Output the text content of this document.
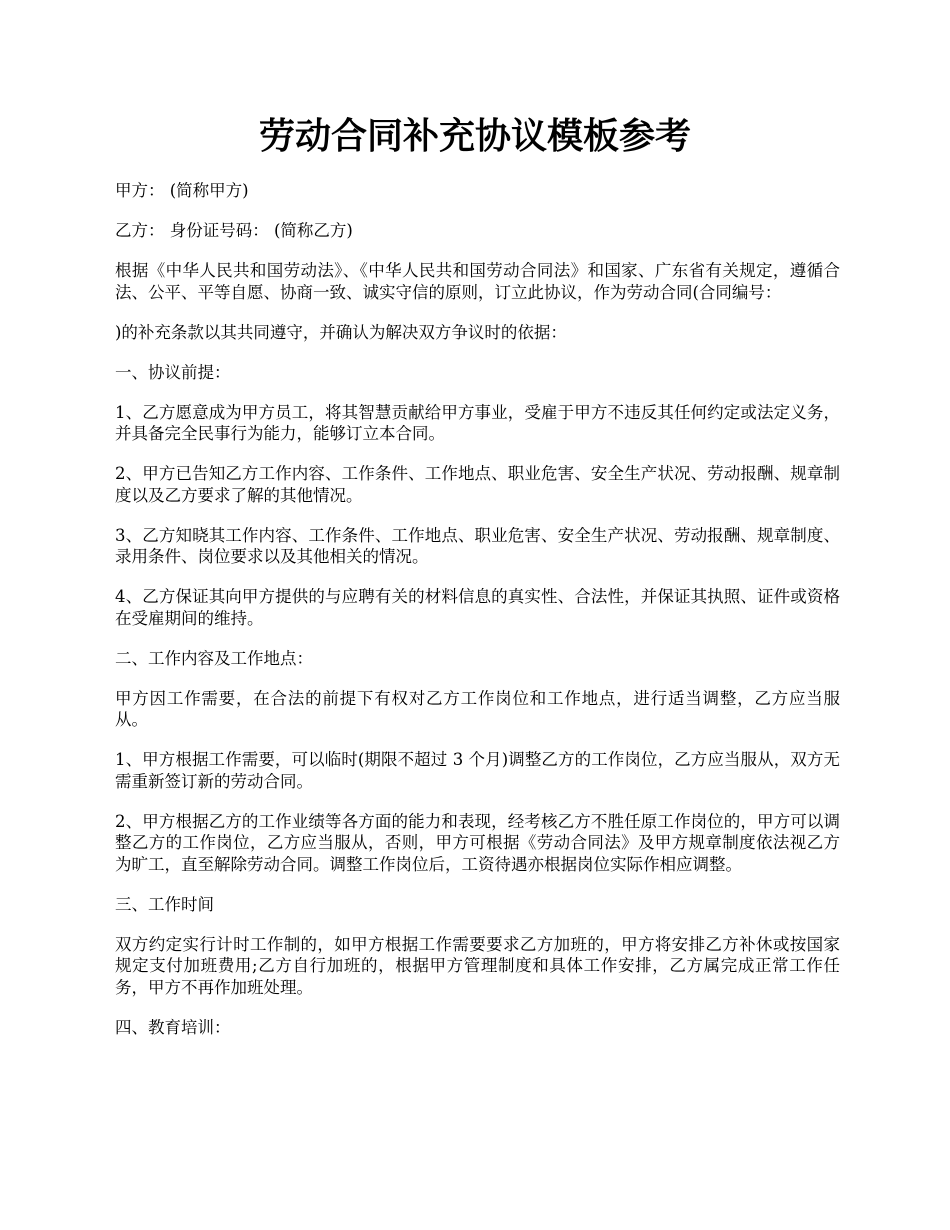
劳动合同补充协议模板参考

甲方： (简称甲方)

乙方： 身份证号码： (简称乙方)

根据《中华人民共和国劳动法》、《中华人民共和国劳动合同法》和国家、广东省有关规定，遵循合法、公平、平等自愿、协商一致、诚实守信的原则，订立此协议，作为劳动合同(合同编号：

)的补充条款以其共同遵守，并确认为解决双方争议时的依据：

一、协议前提：

1、乙方愿意成为甲方员工，将其智慧贡献给甲方事业，受雇于甲方不违反其任何约定或法定义务，并具备完全民事行为能力，能够订立本合同。

2、甲方已告知乙方工作内容、工作条件、工作地点、职业危害、安全生产状况、劳动报酬、规章制度以及乙方要求了解的其他情况。

3、乙方知晓其工作内容、工作条件、工作地点、职业危害、安全生产状况、劳动报酬、规章制度、录用条件、岗位要求以及其他相关的情况。

4、乙方保证其向甲方提供的与应聘有关的材料信息的真实性、合法性，并保证其执照、证件或资格在受雇期间的维持。

二、工作内容及工作地点：

甲方因工作需要，在合法的前提下有权对乙方工作岗位和工作地点，进行适当调整，乙方应当服从。

1、甲方根据工作需要，可以临时(期限不超过 3 个月)调整乙方的工作岗位，乙方应当服从，双方无需重新签订新的劳动合同。

2、甲方根据乙方的工作业绩等各方面的能力和表现，经考核乙方不胜任原工作岗位的，甲方可以调整乙方的工作岗位，乙方应当服从，否则，甲方可根据《劳动合同法》及甲方规章制度依法视乙方为旷工，直至解除劳动合同。调整工作岗位后，工资待遇亦根据岗位实际作相应调整。

三、工作时间

双方约定实行计时工作制的，如甲方根据工作需要要求乙方加班的，甲方将安排乙方补休或按国家规定支付加班费用;乙方自行加班的，根据甲方管理制度和具体工作安排，乙方属完成正常工作任务，甲方不再作加班处理。

四、教育培训：
